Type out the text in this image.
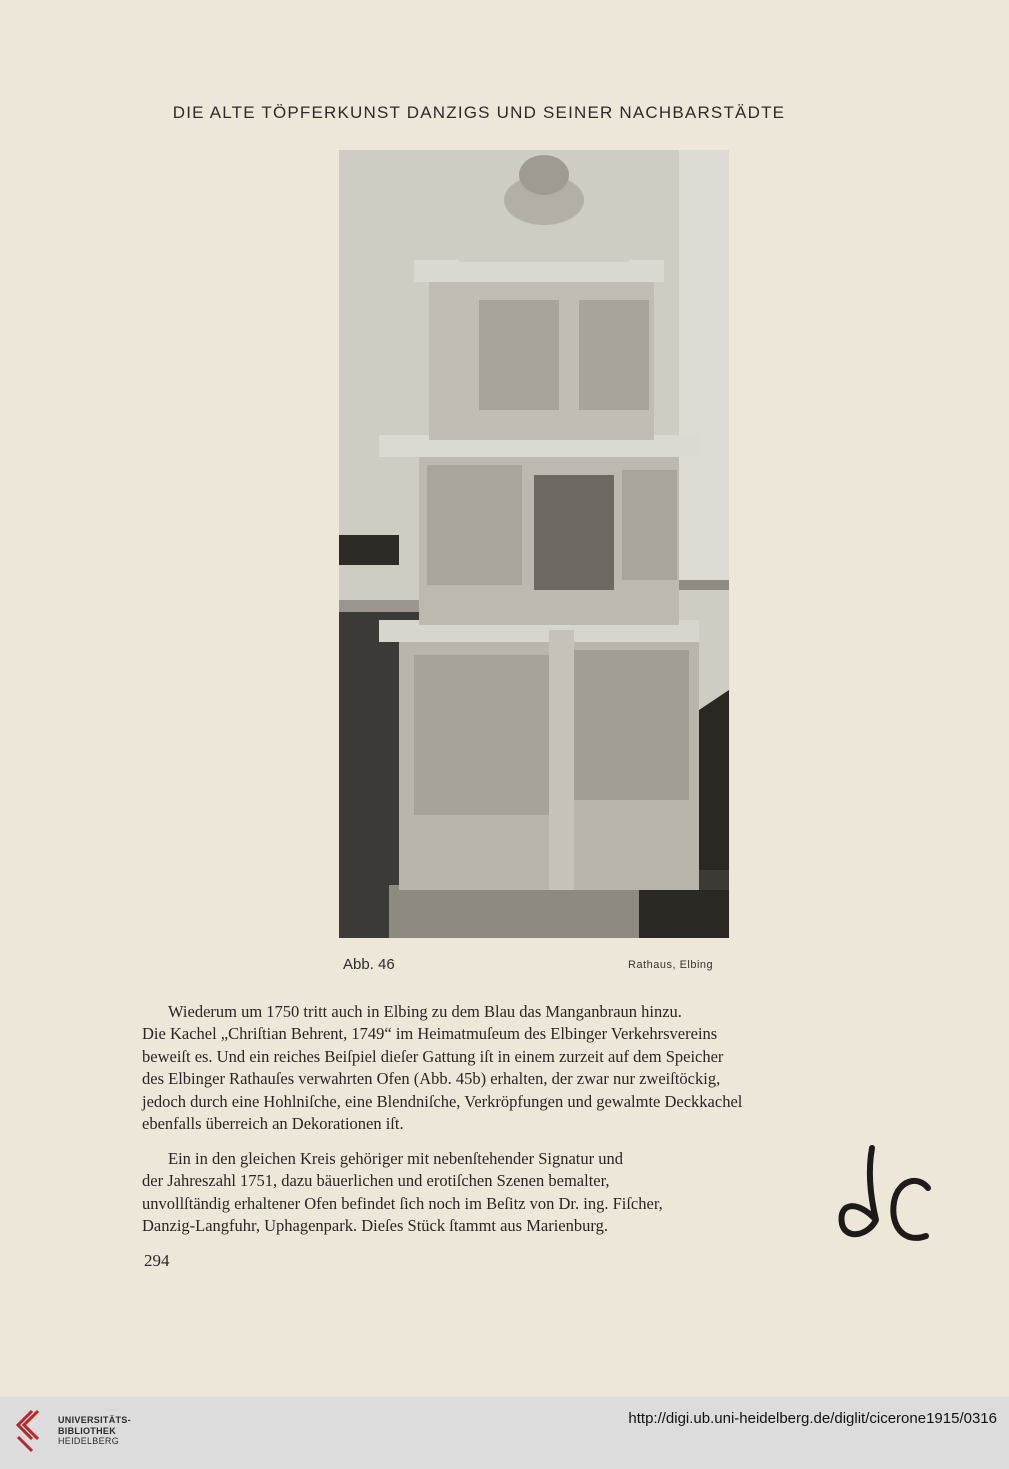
DIE ALTE TÖPFERKUNST DANZIGS UND SEINER NACHBARSTÄDTE
Abb. 46	Rathaus, Elbing

Wiederum um 1750 tritt auch in Elbing zu dem Blau das Manganbraun hinzu.
Die Kachel „Chriſtian Behrent, 1749“ im Heimatmuſeum des Elbinger Verkehrsvereins
beweiſt es. Und ein reiches Beiſpiel dieſer Gattung iſt in einem zurzeit auf dem Speicher
des Elbinger Rathauſes verwahrten Ofen (Abb. 45b) erhalten, der zwar nur zweiſtöckig,
jedoch durch eine Hohlniſche, eine Blendniſche, Verkröpfungen und gewalmte Deckkachel
ebenfalls überreich an Dekorationen iſt.

Ein in den gleichen Kreis gehöriger mit nebenſtehender Signatur und
der Jahreszahl 1751, dazu bäuerlichen und erotiſchen Szenen bemalter,
unvollſtändig erhaltener Ofen befindet ſich noch im Beſitz von Dr. ing. Fiſcher,
Danzig-Langfuhr, Uphagenpark. Dieſes Stück ſtammt aus Marienburg.

294
UNIVERSITÄTS-
BIBLIOTHEK
HEIDELBERG
http://digi.ub.uni-heidelberg.de/diglit/cicerone1915/0316
